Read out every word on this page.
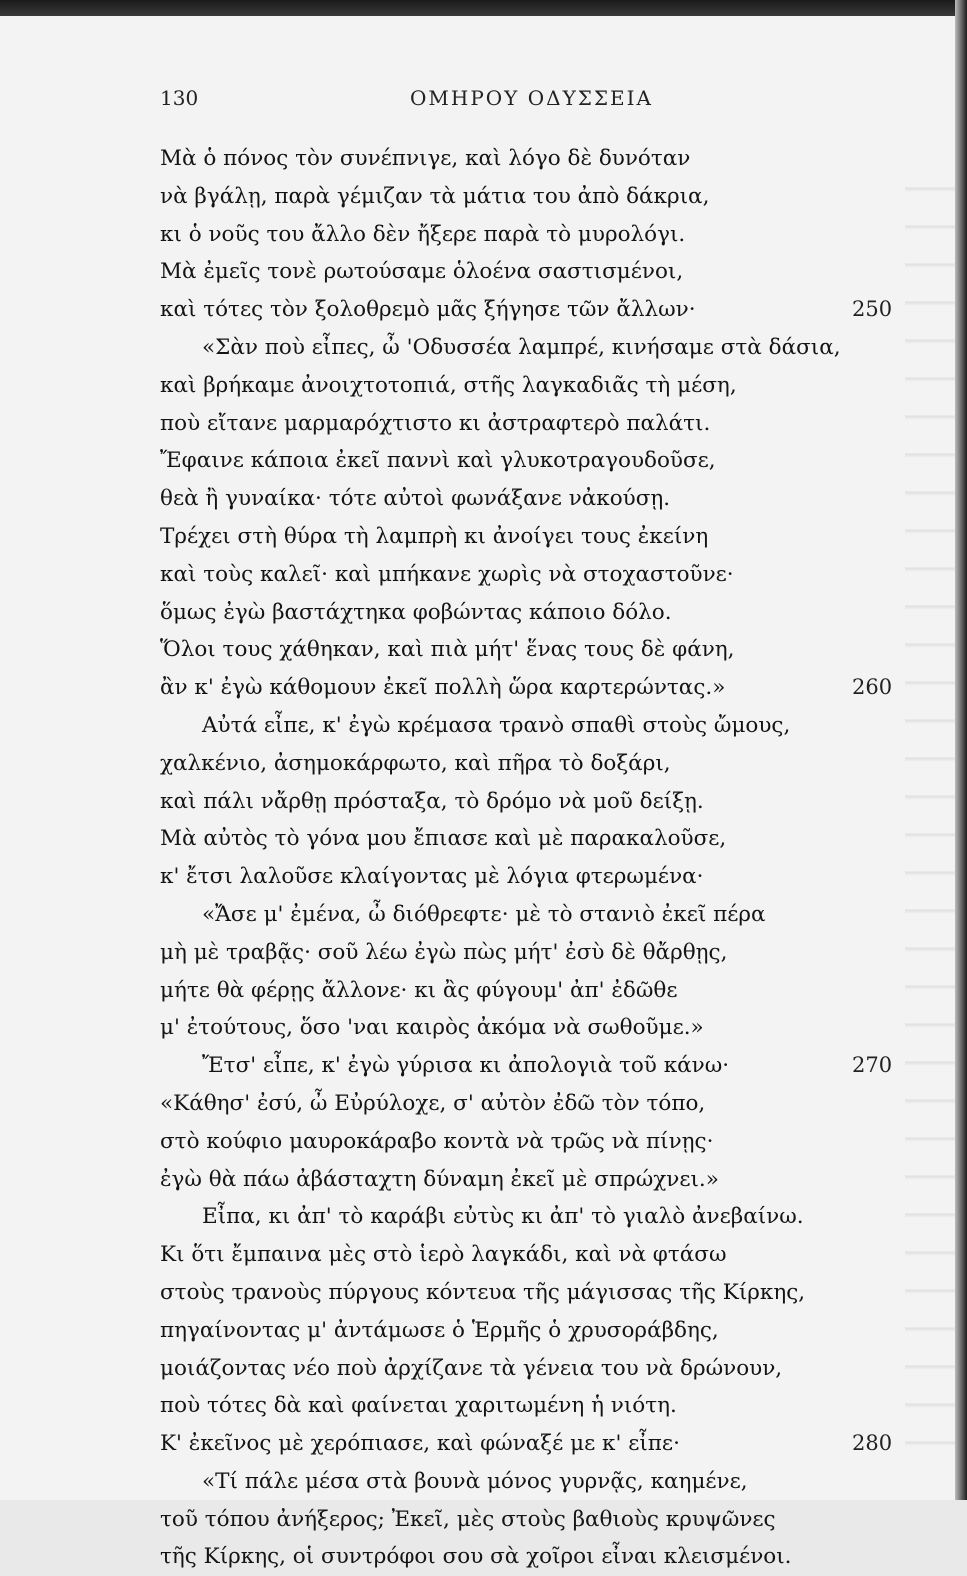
130	ΟΜΗΡΟΥ ΟΔΥΣΣΕΙΑ
Μὰ ὁ πόνος τὸν συνέπνιγε, καὶ λόγο δὲ δυνόταν
νὰ βγάλῃ, παρὰ γέμιζαν τὰ μάτια του ἀπὸ δάκρια,
κι ὁ νοῦς του ἄλλο δὲν ἤξερε παρὰ τὸ μυρολόγι.
Μὰ ἐμεῖς τονὲ ρωτούσαμε ὁλοένα σαστισμένοι,
καὶ τότες τὸν ξολοθρεμὸ μᾶς ξήγησε τῶν ἄλλων·	250
«Σὰν ποὺ εἶπες, ὦ 'Οδυσσέα λαμπρέ, κινήσαμε στὰ δάσια,
καὶ βρήκαμε ἀνοιχτοτοπιά, στῆς λαγκαδιᾶς τὴ μέση,
ποὺ εἴτανε μαρμαρόχτιστο κι ἀστραφτερὸ παλάτι.
Ἔφαινε κάποια ἐκεῖ παννὶ καὶ γλυκοτραγουδοῦσε,
θεὰ ἢ γυναίκα· τότε αὐτοὶ φωνάξανε νἀκούσῃ.
Τρέχει στὴ θύρα τὴ λαμπρὴ κι ἀνοίγει τους ἐκείνη
καὶ τοὺς καλεῖ· καὶ μπήκανε χωρὶς νὰ στοχαστοῦνε·
ὅμως ἐγὼ βαστάχτηκα φοβώντας κάποιο δόλο.
Ὅλοι τους χάθηκαν, καὶ πιὰ μήτ' ἕνας τους δὲ φάνη,
ἂν κ' ἐγὼ κάθομουν ἐκεῖ πολλὴ ὥρα καρτερώντας.»	260
Αὐτά εἶπε, κ' ἐγὼ κρέμασα τρανὸ σπαθὶ στοὺς ὤμους,
χαλκένιο, ἀσημοκάρφωτο, καὶ πῆρα τὸ δοξάρι,
καὶ πάλι νἄρθῃ πρόσταξα, τὸ δρόμο νὰ μοῦ δείξῃ.
Μὰ αὐτὸς τὸ γόνα μου ἔπιασε καὶ μὲ παρακαλοῦσε,
κ' ἔτσι λαλοῦσε κλαίγοντας μὲ λόγια φτερωμένα·
«Ἄσε μ' ἐμένα, ὦ διόθρεφτε· μὲ τὸ στανιὸ ἐκεῖ πέρα
μὴ μὲ τραβᾷς· σοῦ λέω ἐγὼ πὼς μήτ' ἐσὺ δὲ θἄρθῃς,
μήτε θὰ φέρῃς ἄλλονε· κι ἂς φύγουμ' ἀπ' ἐδῶθε
μ' ἐτούτους, ὅσο 'ναι καιρὸς ἀκόμα νὰ σωθοῦμε.»
Ἔτσ' εἶπε, κ' ἐγὼ γύρισα κι ἀπολογιὰ τοῦ κάνω·	270
«Κάθησ' ἐσύ, ὦ Εὐρύλοχε, σ' αὐτὸν ἐδῶ τὸν τόπο,
στὸ κούφιο μαυροκάραβο κοντὰ νὰ τρῶς νὰ πίνῃς·
ἐγὼ θὰ πάω ἀβάσταχτη δύναμη ἐκεῖ μὲ σπρώχνει.»
Εἶπα, κι ἀπ' τὸ καράβι εὐτὺς κι ἀπ' τὸ γιαλὸ ἀνεβαίνω.
Κι ὅτι ἔμπαινα μὲς στὸ ἱερὸ λαγκάδι, καὶ νὰ φτάσω
στοὺς τρανοὺς πύργους κόντευα τῆς μάγισσας τῆς Κίρκης,
πηγαίνοντας μ' ἀντάμωσε ὁ Ἑρμῆς ὁ χρυσοράβδης,
μοιάζοντας νέο ποὺ ἀρχίζανε τὰ γένεια του νὰ δρώνουν,
ποὺ τότες δὰ καὶ φαίνεται χαριτωμένη ἡ νιότη.
Κ' ἐκεῖνος μὲ χερόπιασε, καὶ φώναξέ με κ' εἶπε·	280
«Τί πάλε μέσα στὰ βουνὰ μόνος γυρνᾷς, καημένε,
τοῦ τόπου ἀνήξερος; Ἐκεῖ, μὲς στοὺς βαθιοὺς κρυψῶνες
τῆς Κίρκης, οἱ συντρόφοι σου σὰ χοῖροι εἶναι κλεισμένοι.
